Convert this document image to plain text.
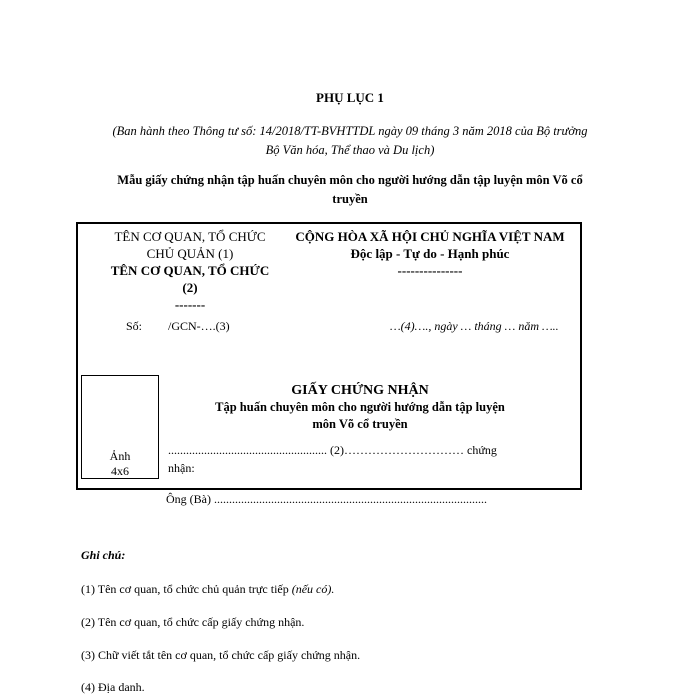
PHỤ LỤC 1
(Ban hành theo Thông tư số: 14/2018/TT-BVHTTDL ngày 09 tháng 3 năm 2018 của Bộ trưởng
Bộ Văn hóa, Thể thao và Du lịch)
Mẫu giấy chứng nhận tập huấn chuyên môn cho người hướng dẫn tập luyện môn Võ cổ
truyền
TÊN CƠ QUAN, TỔ CHỨC
CHỦ QUẢN (1)
TÊN CƠ QUAN, TỔ CHỨC
(2)
-------
CỘNG HÒA XÃ HỘI CHỦ NGHĨA VIỆT NAM
Độc lập - Tự do - Hạnh phúc
---------------
Số: /GCN-….(3)	…(4)…., ngày … tháng … năm …..
Ảnh
4x6
GIẤY CHỨNG NHẬN
Tập huấn chuyên môn cho người hướng dẫn tập luyện
môn Võ cổ truyền
..................................................... (2)………………………… chứng
nhận:
Ông (Bà) ...........................................................................................
Ghi chú:
(1) Tên cơ quan, tổ chức chủ quản trực tiếp (nếu có).
(2) Tên cơ quan, tổ chức cấp giấy chứng nhận.
(3) Chữ viết tắt tên cơ quan, tổ chức cấp giấy chứng nhận.
(4) Địa danh.
